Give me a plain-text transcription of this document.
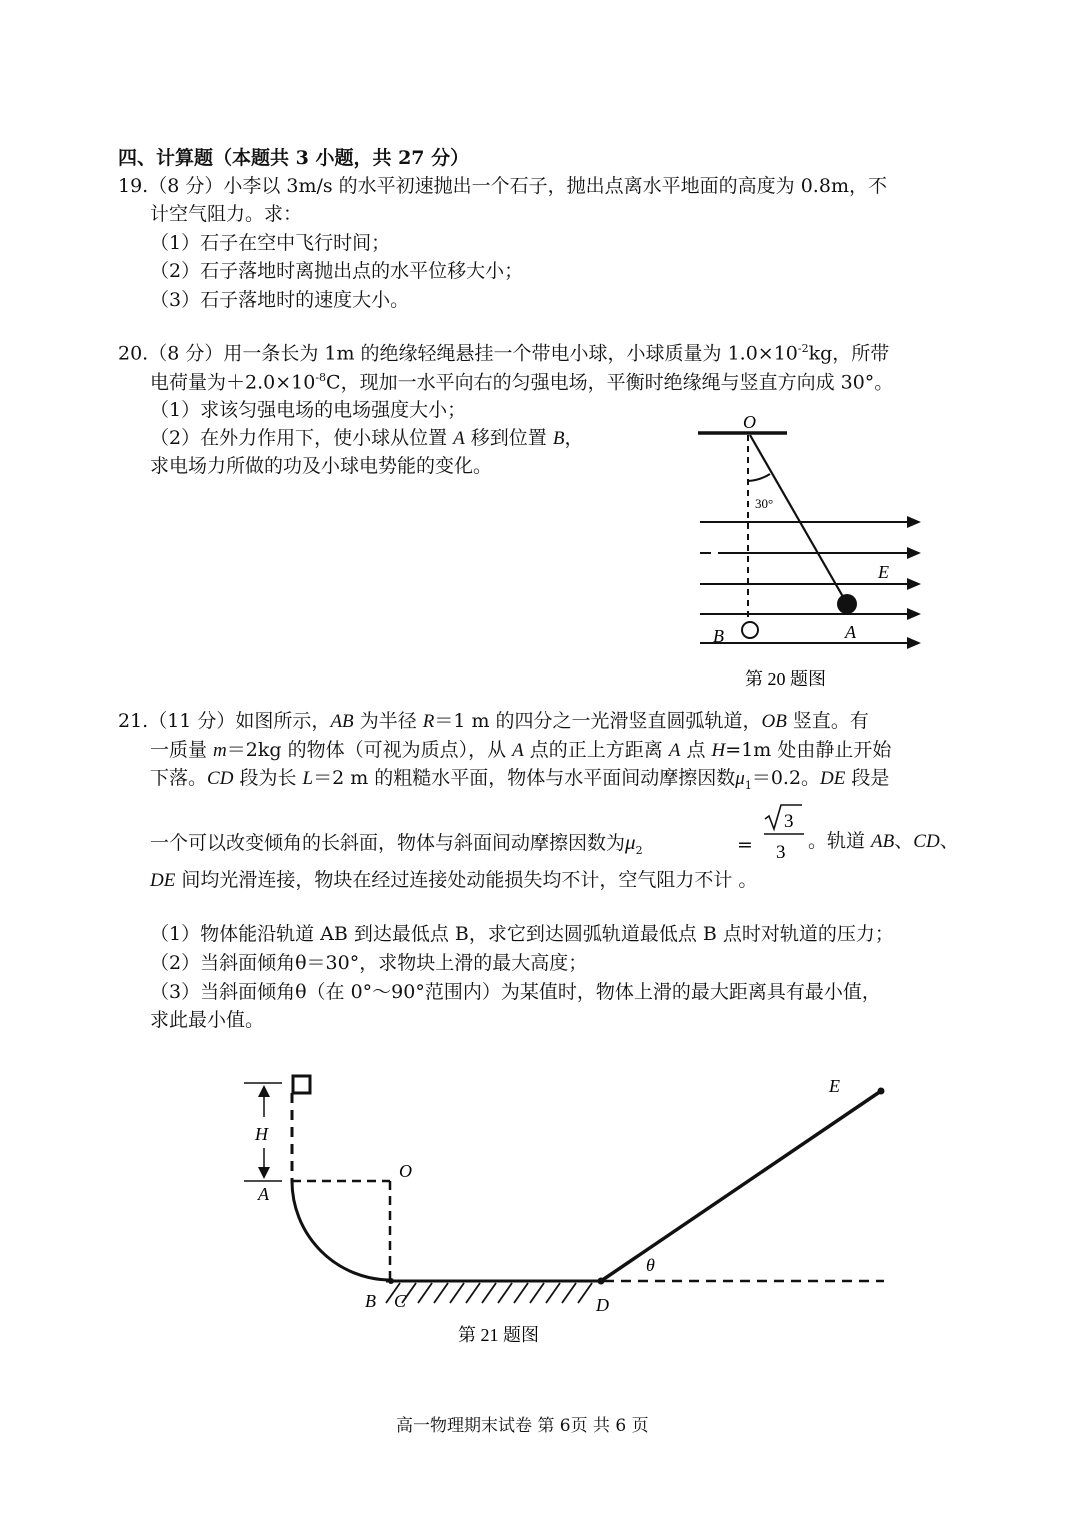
四、计算题（本题共 3 小题，共 27 分）
19.（8 分）小李以 3m/s 的水平初速抛出一个石子，抛出点离水平地面的高度为 0.8m，不
计空气阻力。求：
（1）石子在空中飞行时间；
（2）石子落地时离抛出点的水平位移大小；
（3）石子落地时的速度大小。
20.（8 分）用一条长为 1m 的绝缘轻绳悬挂一个带电小球，小球质量为 $1.0\times 10^{-2}kg$，所带
电荷量为$+2.0\times 10^{-8}C$，现加一水平向右的匀强电场，平衡时绝缘绳与竖直方向成 30°。
（1）求该匀强电场的电场强度大小；
（2）在外力作用下，使小球从位置 A 移到位置 B，
求电场力所做的功及小球电势能的变化。
O
30°
E
A
B
第 20 题图
21.（11 分）如图所示，AB 为半径 R＝1 m 的四分之一光滑竖直圆弧轨道，OB 竖直。有
一质量 m＝2kg 的物体（可视为质点），从 A 点的正上方距离 A 点 H=1m 处由静止开始
下落。CD 段为长 L＝2 m 的粗糙水平面，物体与水平面间动摩擦因数$\mu_1=0.2$。DE 段是
一个可以改变倾角的长斜面，物体与斜面间动摩擦因数为$\mu_2$	=
3
3
。轨道 AB、CD、
DE 间均光滑连接，物块在经过连接处动能损失均不计，空气阻力不计 。
（1）物体能沿轨道 AB 到达最低点 B，求它到达圆弧轨道最低点 B 点时对轨道的压力；
（2）当斜面倾角θ＝30°，求物块上滑的最大高度；
（3）当斜面倾角θ（在 0°～90°范围内）为某值时，物体上滑的最大距离具有最小值，
求此最小值。
H
A
O
E
θ
B C	D
第 21 题图
高一物理期末试卷 第 6页 共 6 页
